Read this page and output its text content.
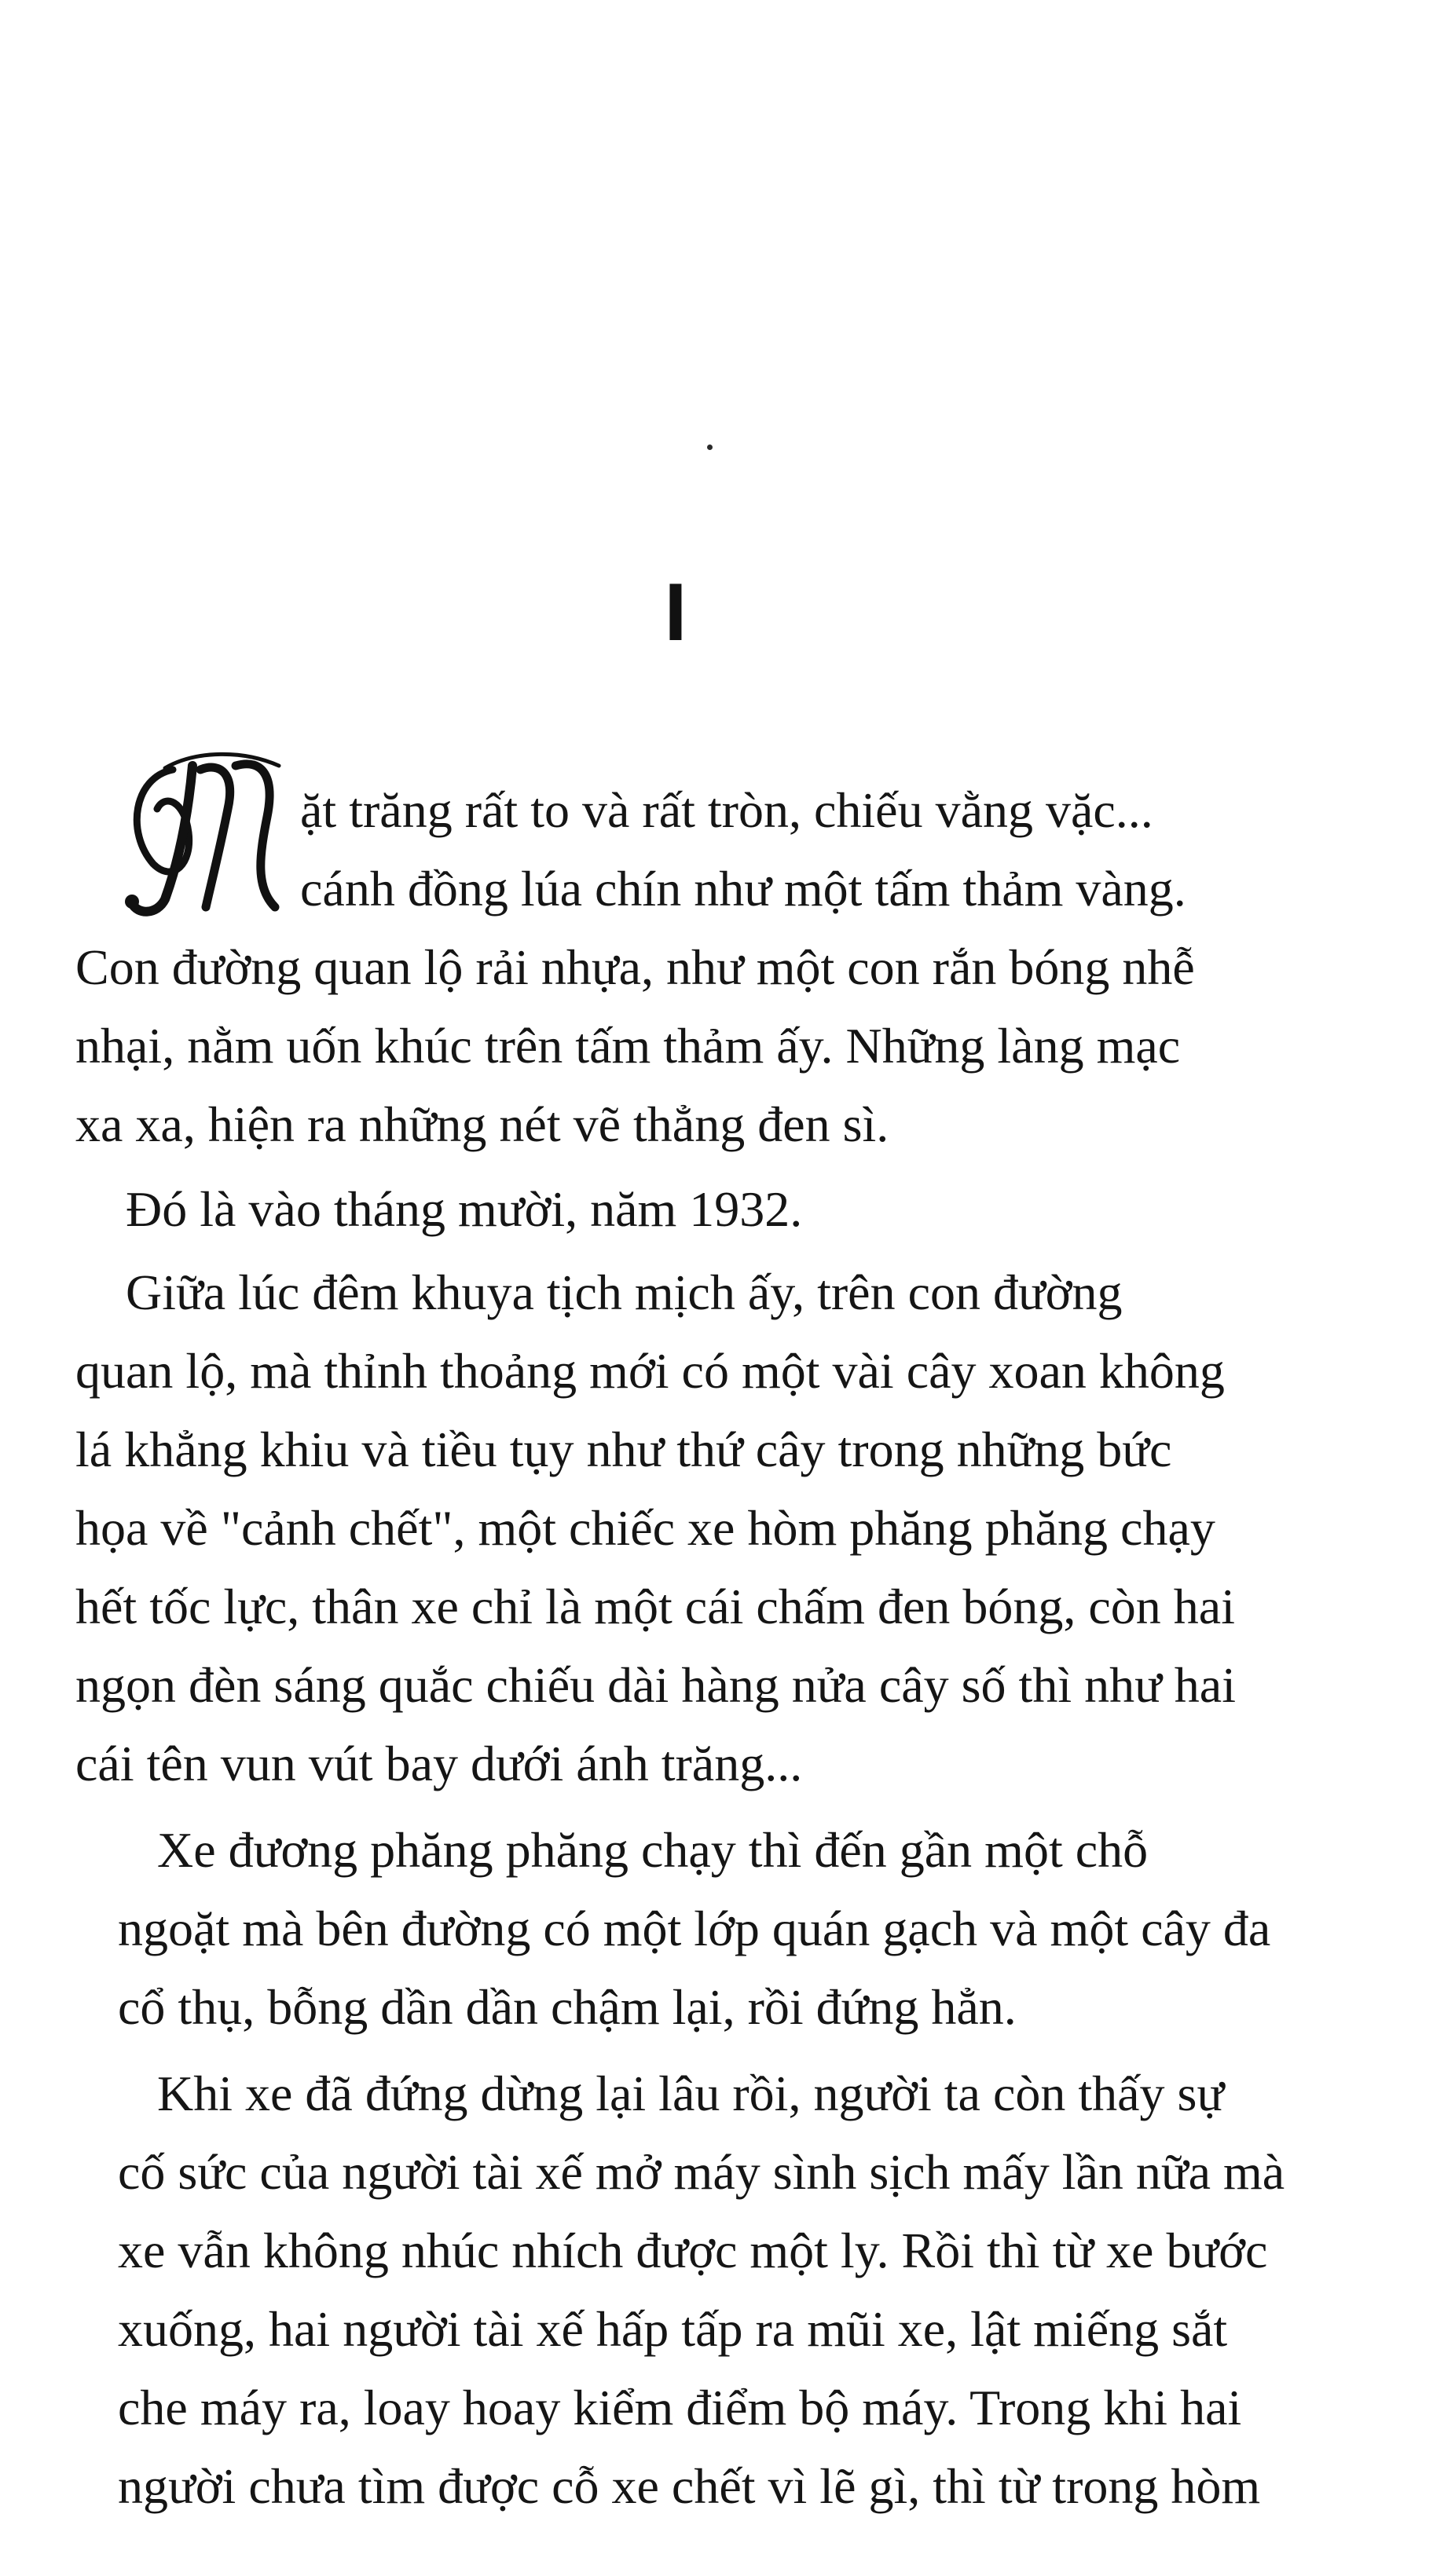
I
ặt trăng rất to và rất tròn, chiếu vằng vặc...
cánh đồng lúa chín như một tấm thảm vàng.
Con đường quan lộ rải nhựa, như một con rắn bóng nhễ
nhại, nằm uốn khúc trên tấm thảm ấy. Những làng mạc
xa xa, hiện ra những nét vẽ thẳng đen sì.
Đó là vào tháng mười, năm 1932.
Giữa lúc đêm khuya tịch mịch ấy, trên con đường
quan lộ, mà thỉnh thoảng mới có một vài cây xoan không
lá khẳng khiu và tiều tụy như thứ cây trong những bức
họa về "cảnh chết", một chiếc xe hòm phăng phăng chạy
hết tốc lực, thân xe chỉ là một cái chấm đen bóng, còn hai
ngọn đèn sáng quắc chiếu dài hàng nửa cây số thì như hai
cái tên vun vút bay dưới ánh trăng...
Xe đương phăng phăng chạy thì đến gần một chỗ
ngoặt mà bên đường có một lớp quán gạch và một cây đa
cổ thụ, bỗng dần dần chậm lại, rồi đứng hẳn.
Khi xe đã đứng dừng lại lâu rồi, người ta còn thấy sự
cố sức của người tài xế mở máy sình sịch mấy lần nữa mà
xe vẫn không nhúc nhích được một ly. Rồi thì từ xe bước
xuống, hai người tài xế hấp tấp ra mũi xe, lật miếng sắt
che máy ra, loay hoay kiểm điểm bộ máy. Trong khi hai
người chưa tìm được cỗ xe chết vì lẽ gì, thì từ trong hòm
